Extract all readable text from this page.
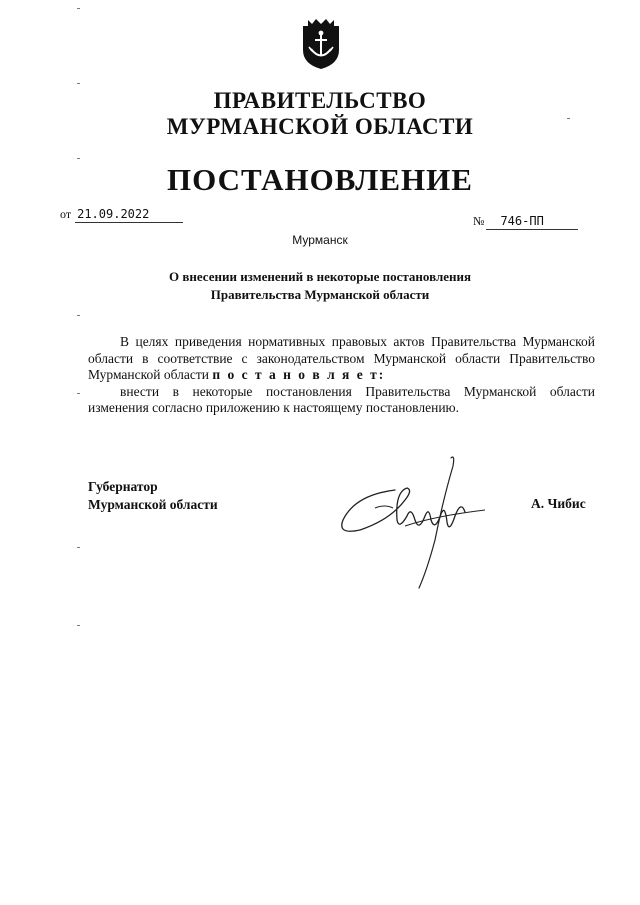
ПРАВИТЕЛЬСТВО
МУРМАНСКОЙ ОБЛАСТИ
ПОСТАНОВЛЕНИЕ
от 21.09.2022	№ 746-ПП
Мурманск
О внесении изменений в некоторые постановления
Правительства Мурманской области

В целях приведения нормативных правовых актов Правительства Мурманской области в соответствие с законодательством Мурманской области Правительство Мурманской области п о с т а н о в л я е т:

внести в некоторые постановления Правительства Мурманской области изменения согласно приложению к настоящему постановлению.

Губернатор
Мурманской области	А. Чибис
